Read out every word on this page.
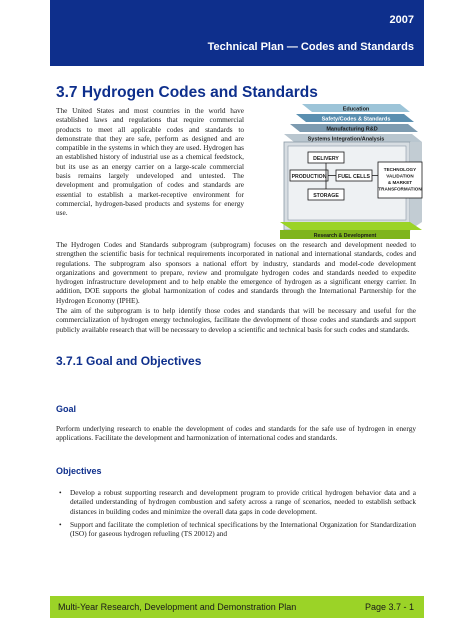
2007
Technical Plan — Codes and Standards
3.7 Hydrogen Codes and Standards

The United States and most countries in the world have established laws and regulations that require commercial products to meet all applicable codes and standards to demonstrate that they are safe, perform as designed and are compatible in the systems in which they are used. Hydrogen has an established history of industrial use as a chemical feedstock, but its use as an energy carrier on a large-scale commercial basis remains largely undeveloped and untested. The development and promulgation of codes and standards are essential to establish a market-receptive environment for commercial, hydrogen-based products and systems for energy use.

Education
Safety/Codes & Standards
Manufacturing R&D
Systems Integration/Analysis
DELIVERY
PRODUCTION FUEL CELLS
STORAGE
TECHNOLOGY
VALIDATION
& MARKET
TRANSFORMATION
Research & Development

The Hydrogen Codes and Standards subprogram (subprogram) focuses on the research and development needed to strengthen the scientific basis for technical requirements incorporated in national and international standards, codes and regulations. The subprogram also sponsors a national effort by industry, standards and model-code development organizations and government to prepare, review and promulgate hydrogen codes and standards needed to expedite hydrogen infrastructure development and to help enable the emergence of hydrogen as a significant energy carrier. In addition, DOE supports the global harmonization of codes and standards through the International Partnership for the Hydrogen Economy (IPHE).

The aim of the subprogram is to help identify those codes and standards that will be necessary and useful for the commercialization of hydrogen energy technologies, facilitate the development of those codes and standards and support publicly available research that will be necessary to develop a scientific and technical basis for such codes and standards.

3.7.1 Goal and Objectives
Goal

Perform underlying research to enable the development of codes and standards for the safe use of hydrogen in energy applications. Facilitate the development and harmonization of international codes and standards.

Objectives
• Develop a robust supporting research and development program to provide critical hydrogen behavior data and a detailed understanding of hydrogen combustion and safety across a range of scenarios, needed to establish setback distances in building codes and minimize the overall data gaps in code development.
• Support and facilitate the completion of technical specifications by the International Organization for Standardization (ISO) for gaseous hydrogen refueling (TS 20012) and
Multi-Year Research, Development and Demonstration Plan	Page 3.7 - 1
